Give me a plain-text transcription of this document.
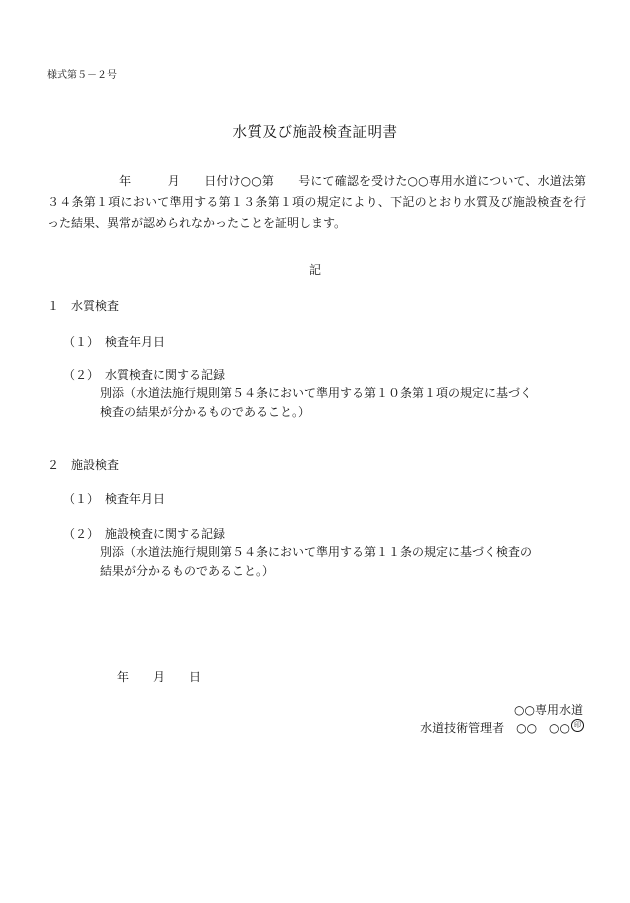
様式第５－２号
水質及び施設検査証明書
年　　　	月　　 日付け○○第　　号にて確認を受けた○○専用水道について、水道法第３４条第１項において準用する第１３条第１項の規定により、下記のとおり水質及び施設検査を行った結果、異常が認められなかったことを証明します。
記
１　水質検査
（１）　検査年月日
（２）　水質検査に関する記録
別添（水道法施行規則第５４条において準用する第１０条第１項の規定に基づく
検査の結果が分かるものであること。）
２　施設検査
（１）　検査年月日
（２）　施設検査に関する記録
別添（水道法施行規則第５４条において準用する第１１条の規定に基づく検査の
結果が分かるものであること。）
年　　月　　日
○○専用水道
水道技術管理者　○○　○○ 印
